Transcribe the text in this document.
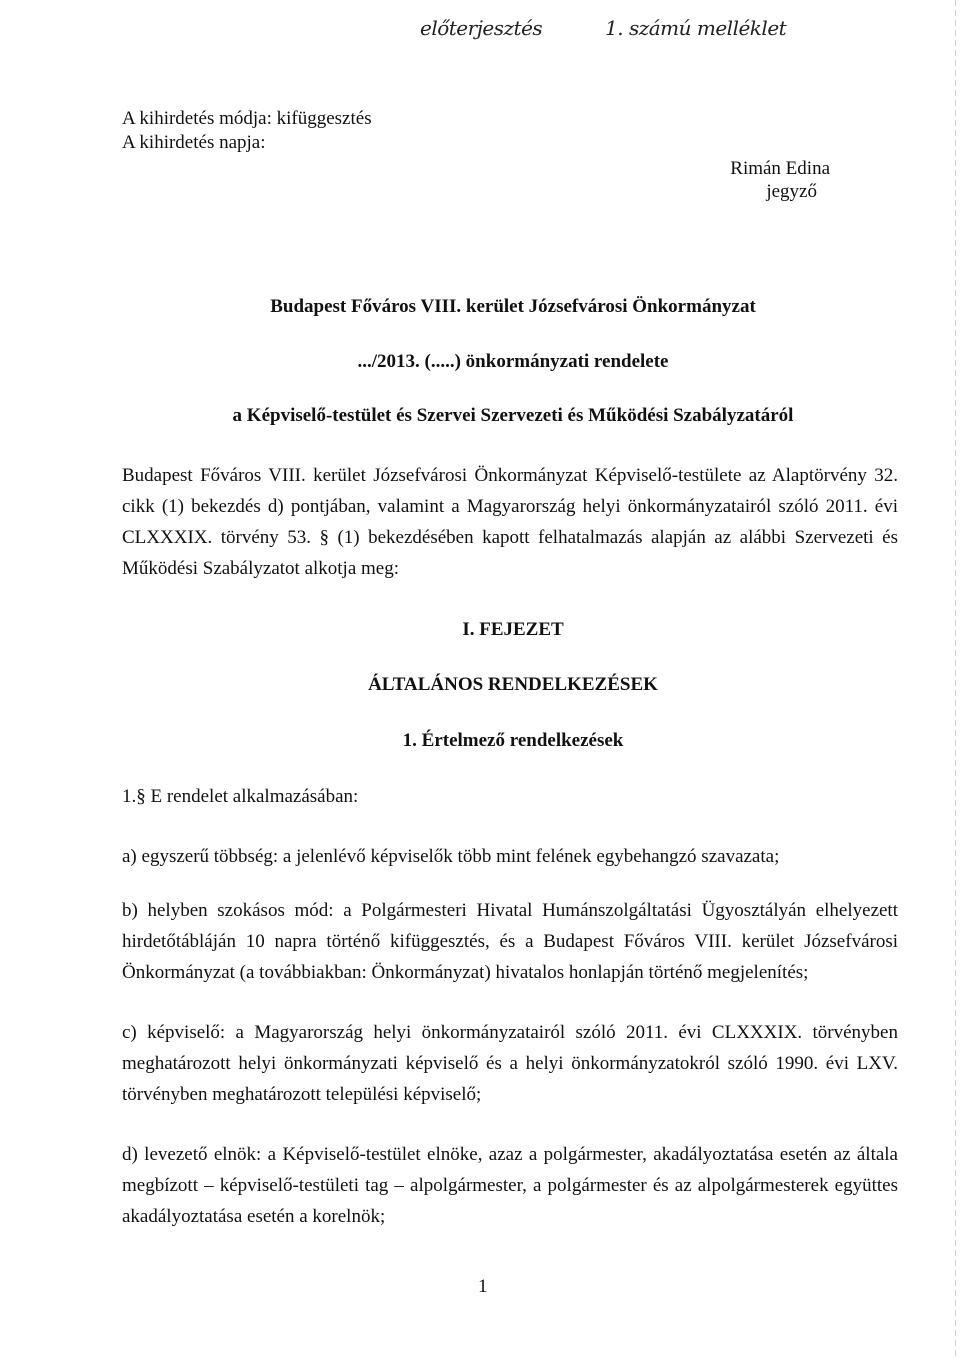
előterjesztés	1. számú melléklet
A kihirdetés módja: kifüggesztés
A kihirdetés napja:
Rimán Edina
jegyző
Budapest Főváros VIII. kerület Józsefvárosi Önkormányzat
.../2013. (.....) önkormányzati rendelete
a Képviselő-testület és Szervei Szervezeti és Működési Szabályzatáról
Budapest Főváros VIII. kerület Józsefvárosi Önkormányzat Képviselő-testülete az Alaptörvény 32.
cikk (1) bekezdés d) pontjában, valamint a Magyarország helyi önkormányzatairól szóló 2011. évi
CLXXXIX. törvény 53. § (1) bekezdésében kapott felhatalmazás alapján az alábbi Szervezeti és
Működési Szabályzatot alkotja meg:
I. FEJEZET
ÁLTALÁNOS RENDELKEZÉSEK
1. Értelmező rendelkezések
1.§ E rendelet alkalmazásában:
a) egyszerű többség: a jelenlévő képviselők több mint felének egybehangzó szavazata;
b) helyben szokásos mód: a Polgármesteri Hivatal Humánszolgáltatási Ügyosztályán elhelyezett
hirdetőtábláján 10 napra történő kifüggesztés, és a Budapest Főváros VIII. kerület Józsefvárosi
Önkormányzat (a továbbiakban: Önkormányzat) hivatalos honlapján történő megjelenítés;
c) képviselő: a Magyarország helyi önkormányzatairól szóló 2011. évi CLXXXIX. törvényben
meghatározott helyi önkormányzati képviselő és a helyi önkormányzatokról szóló 1990. évi LXV.
törvényben meghatározott települési képviselő;
d) levezető elnök: a Képviselő-testület elnöke, azaz a polgármester, akadályoztatása esetén az általa
megbízott – képviselő-testületi tag – alpolgármester, a polgármester és az alpolgármesterek együttes
akadályoztatása esetén a korelnök;
1
